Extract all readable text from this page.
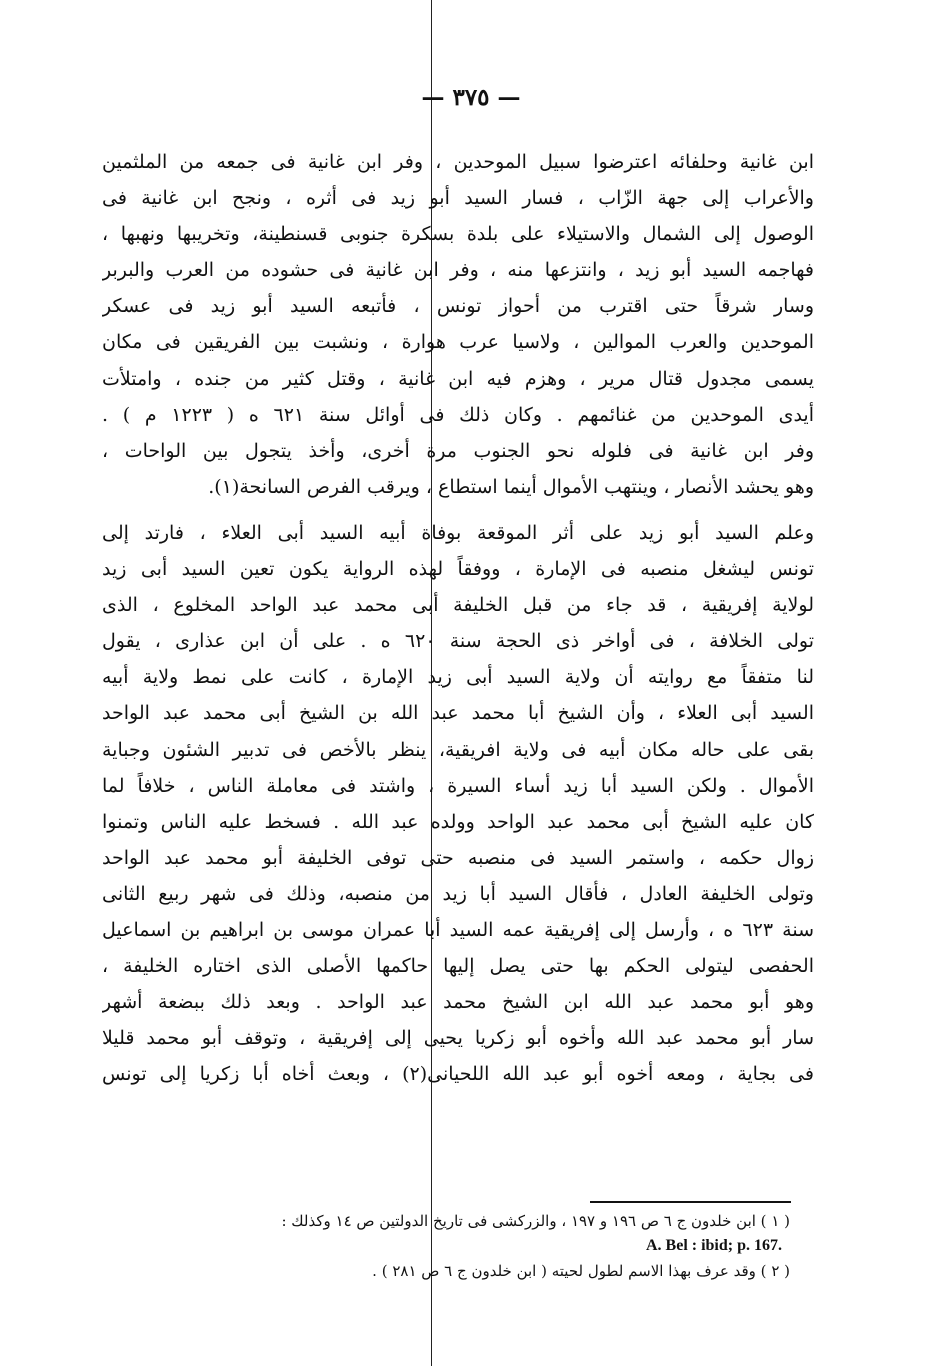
— ٣٧٥ —
ابن غانية وحلفائه اعترضوا سبيل الموحدين ، وفر ابن غانية فى جمعه من الملثمين
والأعراب إلى جهة الزّاب ، فسار السيد أبو زيد فى أثره ، ونجح ابن غانية فى
الوصول إلى الشمال والاستيلاء على بلدة بسكرة جنوبى قسنطينة، وتخريبها ونهبها ،
فهاجمه السيد أبو زيد ، وانتزعها منه ، وفر ابن غانية فى حشوده من العرب والبربر
وسار شرقاً حتى اقترب من أحواز تونس ، فأتبعه السيد أبو زيد فى عسكر
الموحدين والعرب الموالين ، ولاسيا عرب هوارة ، ونشبت بين الفريقين فى مكان
يسمى مجدول قتال مرير ، وهزم فيه ابن غانية ، وقتل كثير من جنده ، وامتلأت
أيدى الموحدين من غنائمهم . وكان ذلك فى أوائل سنة ٦٢١ ه ( ١٢٢٣ م ) .
وفر ابن غانية فى فلوله نحو الجنوب مرة أخرى، وأخذ يتجول بين الواحات ،
وهو يحشد الأنصار ، وينتهب الأموال أينما استطاع ، ويرقب الفرص السانحة(١).
وعلم السيد أبو زيد على أثر الموقعة بوفاة أبيه السيد أبى العلاء ، فارتد إلى
تونس ليشغل منصبه فى الإمارة ، ووفقاً لهذه الرواية يكون تعين السيد أبى زيد
لولاية إفريقية ، قد جاء من قبل الخليفة أبى محمد عبد الواحد المخلوع ، الذى
تولى الخلافة ، فى أواخر ذى الحجة سنة ٦٢٠ ه . على أن ابن عذارى ، يقول
لنا متفقاً مع روايته أن ولاية السيد أبى زيد الإمارة ، كانت على نمط ولاية أبيه
السيد أبى العلاء ، وأن الشيخ أبا محمد عبد الله بن الشيخ أبى محمد عبد الواحد
بقى على حاله مكان أبيه فى ولاية افريقية، ينظر بالأخص فى تدبير الشئون وجباية
الأموال . ولكن السيد أبا زيد أساء السيرة ، واشتد فى معاملة الناس ، خلافاً لما
كان عليه الشيخ أبى محمد عبد الواحد وولده عبد الله . فسخط عليه الناس وتمنوا
زوال حكمه ، واستمر السيد فى منصبه حتى توفى الخليفة أبو محمد عبد الواحد
وتولى الخليفة العادل ، فأقال السيد أبا زيد من منصبه، وذلك فى شهر ربيع الثانى
سنة ٦٢٣ ه ، وأرسل إلى إفريقية عمه السيد أبا عمران موسى بن ابراهيم بن اسماعيل
الحفصى ليتولى الحكم بها حتى يصل إليها حاكمها الأصلى الذى اختاره الخليفة ،
وهو أبو محمد عبد الله ابن الشيخ محمد عبد الواحد . وبعد ذلك ببضعة أشهر
سار أبو محمد عبد الله وأخوه أبو زكريا يحيى إلى إفريقية ، وتوقف أبو محمد قليلا
فى بجاية ، ومعه أخوه أبو عبد الله اللحيانى(٢) ، وبعث أخاه أبا زكريا إلى تونس
( ١ ) ابن خلدون ج ٦ ص ١٩٦ و ١٩٧ ، والزركشى فى تاريخ الدولتين ص ١٤ وكذلك :
A. Bel : ibid; p. 167.
( ٢ ) وقد عرف بهذا الاسم لطول لحيته ( ابن خلدون ج ٦ ص ٢٨١ ) .
